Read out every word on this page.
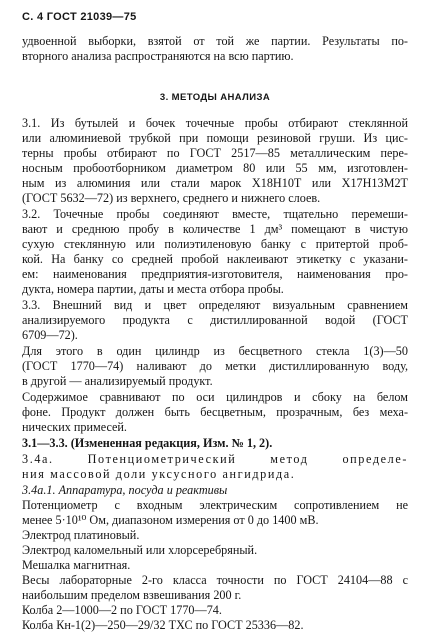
С. 4 ГОСТ 21039—75
удвоенной выборки, взятой от той же партии. Результаты по-
вторного анализа распространяются на всю партию.
3. МЕТОДЫ АНАЛИЗА
3.1. Из бутылей и бочек точечные пробы отбирают стеклянной
или алюминиевой трубкой при помощи резиновой груши. Из цис-
терны пробы отбирают по ГОСТ 2517—85 металлическим пере-
носным пробоотборником диаметром 80 или 55 мм, изготовлен-
ным из алюминия или стали марок Х18Н10Т или Х17Н13М2Т
(ГОСТ 5632—72) из верхнего, среднего и нижнего слоев.
3.2. Точечные пробы соединяют вместе, тщательно перемеши-
вают и среднюю пробу в количестве 1 дм³ помещают в чистую
сухую стеклянную или полиэтиленовую банку с притертой проб-
кой. На банку со средней пробой наклеивают этикетку с указани-
ем: наименования предприятия-изготовителя, наименования про-
дукта, номера партии, даты и места отбора пробы.
3.3. Внешний вид и цвет определяют визуальным сравнением
анализируемого продукта с дистиллированной водой (ГОСТ
6709—72).
Для этого в один цилиндр из бесцветного стекла 1(3)—50
(ГОСТ 1770—74) наливают до метки дистиллированную воду,
в другой — анализируемый продукт.
Содержимое сравнивают по оси цилиндров и сбоку на белом
фоне. Продукт должен быть бесцветным, прозрачным, без меха-
нических примесей.
3.1—3.3. (Измененная редакция, Изм. № 1, 2).
3.4а. Потенциометрический метод определе-
ния массовой доли уксусного ангидрида.
3.4а.1. Аппаратура, посуда и реактивы
Потенциометр с входным электрическим сопротивлением не
менее 5·10¹⁰ Ом, диапазоном измерения от 0 до 1400 мВ.
Электрод платиновый.
Электрод каломельный или хлорсеребряный.
Мешалка магнитная.
Весы лабораторные 2-го класса точности по ГОСТ 24104—88 с
наибольшим пределом взвешивания 200 г.
Колба 2—1000—2 по ГОСТ 1770—74.
Колба Кн-1(2)—250—29/32 ТХС по ГОСТ 25336—82.
